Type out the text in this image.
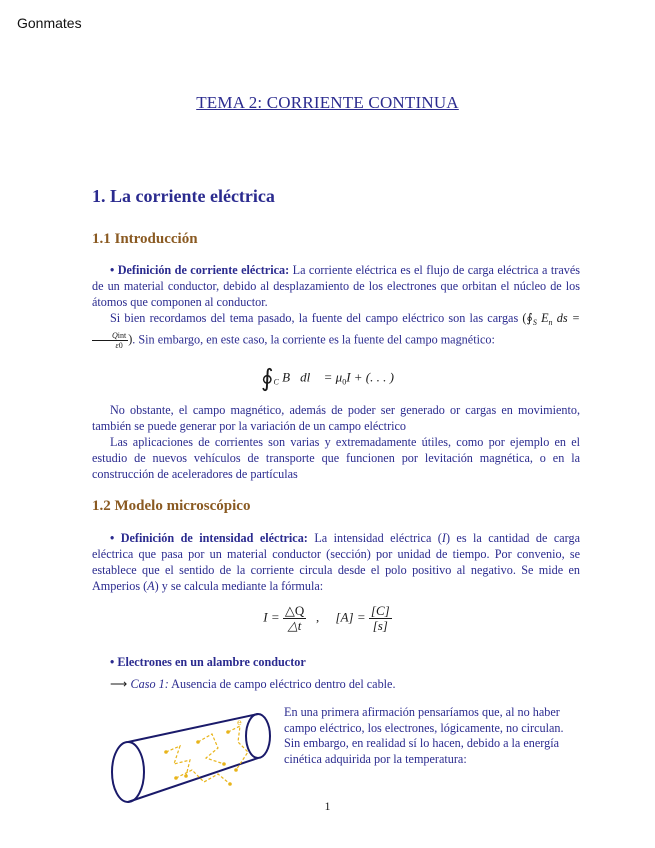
Gonmates
TEMA 2: CORRIENTE CONTINUA
1. La corriente eléctrica
1.1 Introducción
• Definición de corriente eléctrica: La corriente eléctrica es el flujo de carga eléctrica a través de un material conductor, debido al desplazamiento de los electrones que orbitan el núcleo de los átomos que componen al conductor.
Si bien recordamos del tema pasado, la fuente del campo eléctrico son las cargas ($∮_S$ $E_n$ ds =
$\frac{\text{Qint}}{\varepsilon 0}$ ). Sin embargo, en este caso, la corriente es la fuente del campo magnético:
$∮_C$ B⃗dl⃗ = $\mu_0I$ + (. . . )
No obstante, el campo magnético, además de poder ser generado or cargas en movimiento, también se puede generar por la variación de un campo eléctrico
Las aplicaciones de corrientes son varias y extremadamente útiles, como por ejemplo en el estudio de nuevos vehículos de transporte que funcionen por levitación magnética, o en la construcción de aceleradores de partículas
1.2 Modelo microscópico
• Definición de intensidad eléctrica: La intensidad eléctrica (I) es la cantidad de carga eléctrica que pasa por un material conductor (sección) por unidad de tiempo. Por convenio, se establece que el sentido de la corriente circula desde el polo positivo al negativo. Se mide en Amperios (A) y se calcula mediante la fórmula:
$I = \frac{\triangle Q}{\triangle t}$ , $[A] = \frac{[C]}{[s]}$
• Electrones en un alambre conductor
⟶ Caso 1: Ausencia de campo eléctrico dentro del cable.
e
En una primera afirmación pensaríamos que, al no haber campo eléctrico, los electrones, lógicamente, no circulan. Sin embargo, en realidad sí lo hacen, debido a la energía cinética adquirida por la temperatura:
1
